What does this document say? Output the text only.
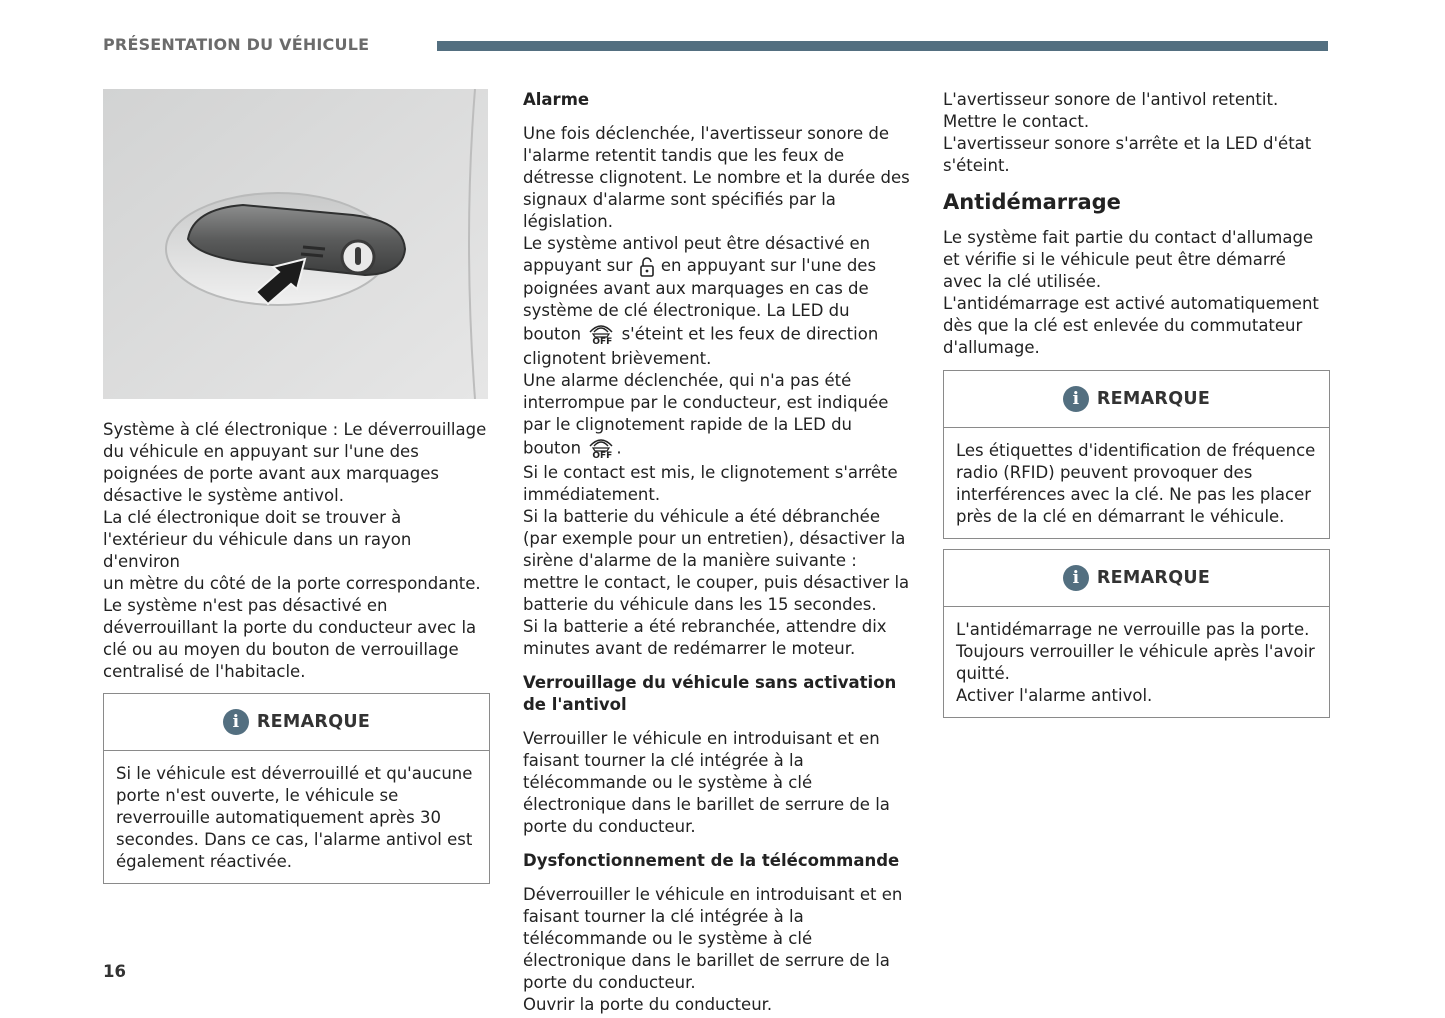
PRÉSENTATION DU VÉHICULE

Système à clé électronique : Le déverrouillage du véhicule en appuyant sur l'une des poignées de porte avant aux marquages désactive le système antivol.

La clé électronique doit se trouver à l'extérieur du véhicule dans un rayon d'environ

un mètre du côté de la porte correspondante.

Le système n'est pas désactivé en déverrouillant la porte du conducteur avec la clé ou au moyen du bouton de verrouillage centralisé de l'habitacle.

i	REMARQUE

Si le véhicule est déverrouillé et qu'aucune porte n'est ouverte, le véhicule se reverrouille automatiquement après 30 secondes. Dans ce cas, l'alarme antivol est également réactivée.

Alarme

Une fois déclenchée, l'avertisseur sonore de l'alarme retentit tandis que les feux de détresse clignotent. Le nombre et la durée des signaux d'alarme sont spécifiés par la législation.

Le système antivol peut être désactivé en appuyant sur en appuyant sur l'une des poignées avant aux marquages en cas de système de clé électronique. La LED du bouton OFF s'éteint et les feux de direction clignotent brièvement.

Une alarme déclenchée, qui n'a pas été interrompue par le conducteur, est indiquée par le clignotement rapide de la LED du bouton OFF .

Si le contact est mis, le clignotement s'arrête immédiatement.

Si la batterie du véhicule a été débranchée (par exemple pour un entretien), désactiver la sirène d'alarme de la manière suivante : mettre le contact, le couper, puis désactiver la batterie du véhicule dans les 15 secondes.

Si la batterie a été rebranchée, attendre dix minutes avant de redémarrer le moteur.

Verrouillage du véhicule sans activation de l'antivol

Verrouiller le véhicule en introduisant et en faisant tourner la clé intégrée à la télécommande ou le système à clé électronique dans le barillet de serrure de la porte du conducteur.

Dysfonctionnement de la télécommande

Déverrouiller le véhicule en introduisant et en faisant tourner la clé intégrée à la télécommande ou le système à clé électronique dans le barillet de serrure de la porte du conducteur.

Ouvrir la porte du conducteur.

L'avertisseur sonore de l'antivol retentit.

Mettre le contact.

L'avertisseur sonore s'arrête et la LED d'état s'éteint.

Antidémarrage

Le système fait partie du contact d'allumage et vérifie si le véhicule peut être démarré avec la clé utilisée.

L'antidémarrage est activé automatiquement dès que la clé est enlevée du commutateur d'allumage.

i	REMARQUE

Les étiquettes d'identification de fréquence radio (RFID) peuvent provoquer des interférences avec la clé. Ne pas les placer près de la clé en démarrant le véhicule.

i	REMARQUE

L'antidémarrage ne verrouille pas la porte.

Toujours verrouiller le véhicule après l'avoir quitté.

Activer l'alarme antivol.

16
